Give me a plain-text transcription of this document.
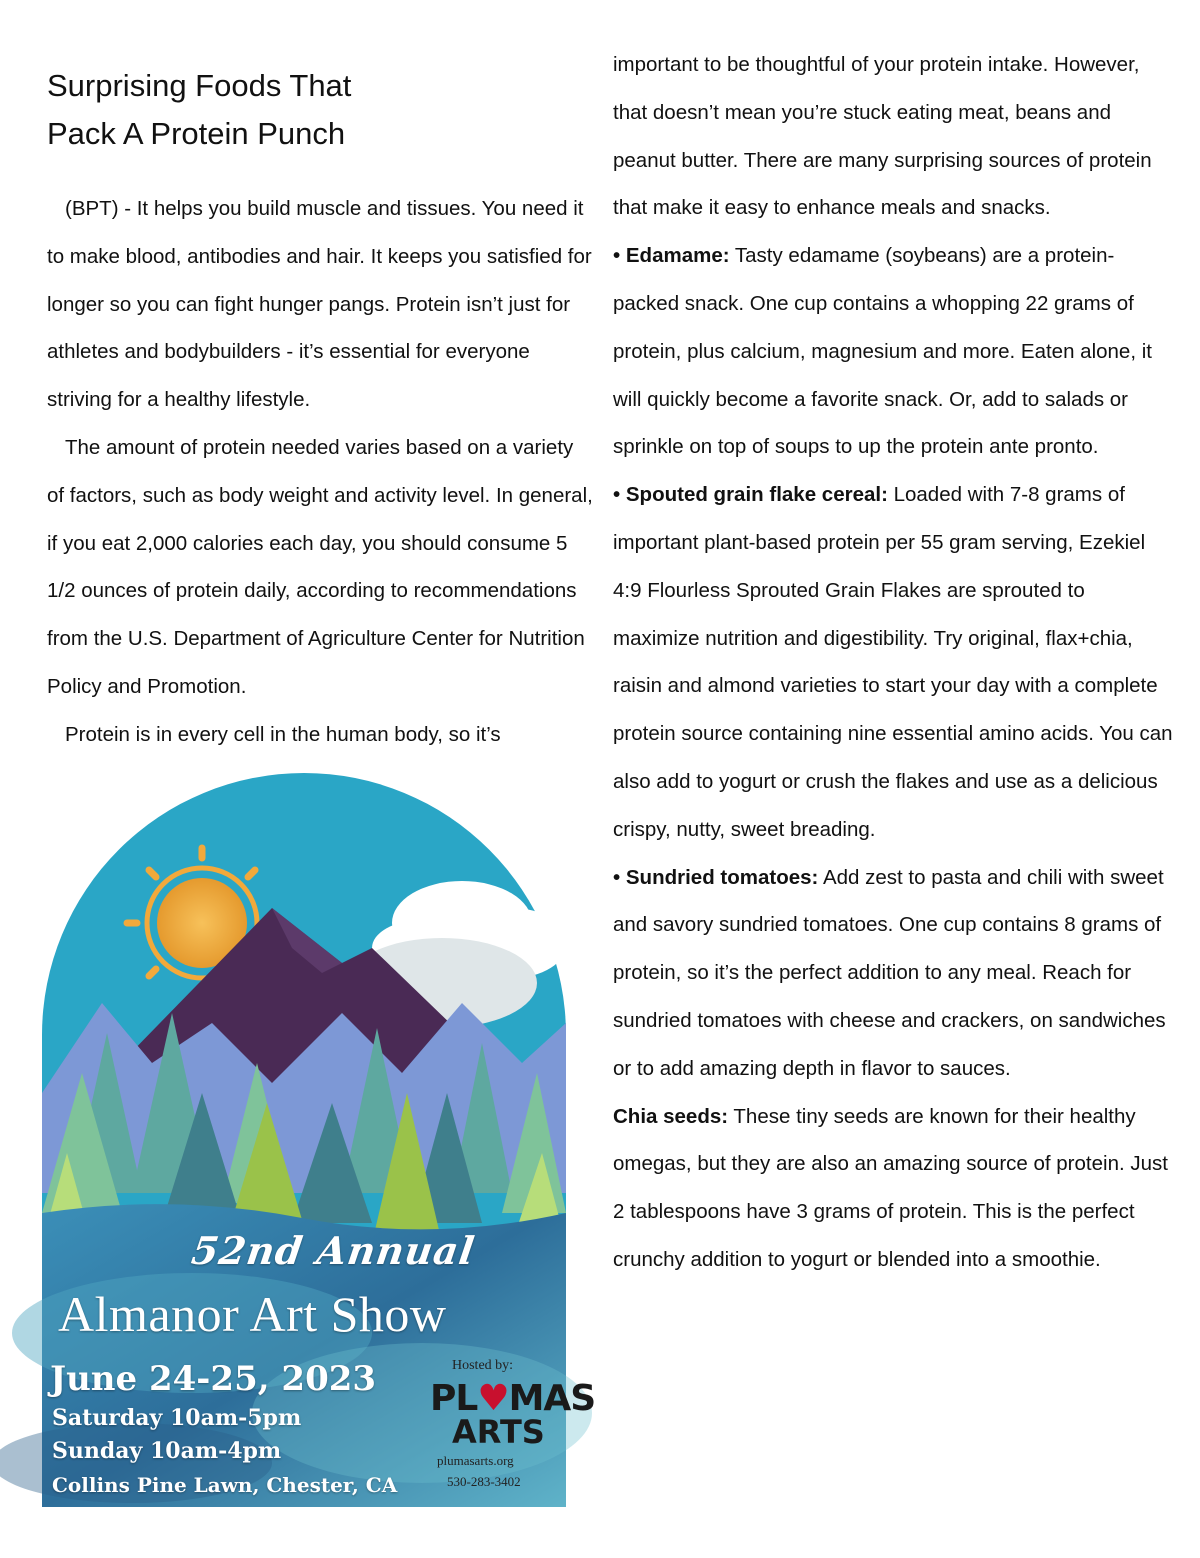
Surprising Foods That
Pack A Protein Punch

(BPT) - It helps you build muscle and tissues. You need it to make blood, antibodies and hair. It keeps you satisfied for longer so you can fight hunger pangs. Protein isn’t just for athletes and bodybuilders - it’s essential for everyone striving for a healthy lifestyle.

The amount of protein needed varies based on a variety of factors, such as body weight and activity level. In general, if you eat 2,000 calories each day, you should consume 5 1/2 ounces of protein daily, according to recommendations from the U.S. Department of Agriculture Center for Nutrition Policy and Promotion.

Protein is in every cell in the human body, so it’s

52nd Annual
Almanor Art Show
June 24-25, 2023
Saturday 10am-5pm
Sunday 10am-4pm
Collins Pine Lawn, Chester, CA
Hosted by:
PL♥MAS
ARTS
plumasarts.org
530-283-3402

important to be thoughtful of your protein intake. However, that doesn’t mean you’re stuck eating meat, beans and peanut butter. There are many surprising sources of protein that make it easy to enhance meals and snacks.

• Edamame: Tasty edamame (soybeans) are a protein-packed snack. One cup contains a whopping 22 grams of protein, plus calcium, magnesium and more. Eaten alone, it will quickly become a favorite snack. Or, add to salads or sprinkle on top of soups to up the protein ante pronto.

• Spouted grain flake cereal: Loaded with 7-8 grams of important plant-based protein per 55 gram serving, Ezekiel 4:9 Flourless Sprouted Grain Flakes are sprouted to maximize nutrition and digestibility. Try original, flax+chia, raisin and almond varieties to start your day with a complete protein source containing nine essential amino acids. You can also add to yogurt or crush the flakes and use as a delicious crispy, nutty, sweet breading.

• Sundried tomatoes: Add zest to pasta and chili with sweet and savory sundried tomatoes. One cup contains 8 grams of protein, so it’s the perfect addition to any meal. Reach for sundried tomatoes with cheese and crackers, on sandwiches or to add amazing depth in flavor to sauces.

Chia seeds: These tiny seeds are known for their healthy omegas, but they are also an amazing source of protein. Just 2 tablespoons have 3 grams of protein. This is the perfect crunchy addition to yogurt or blended into a smoothie.
